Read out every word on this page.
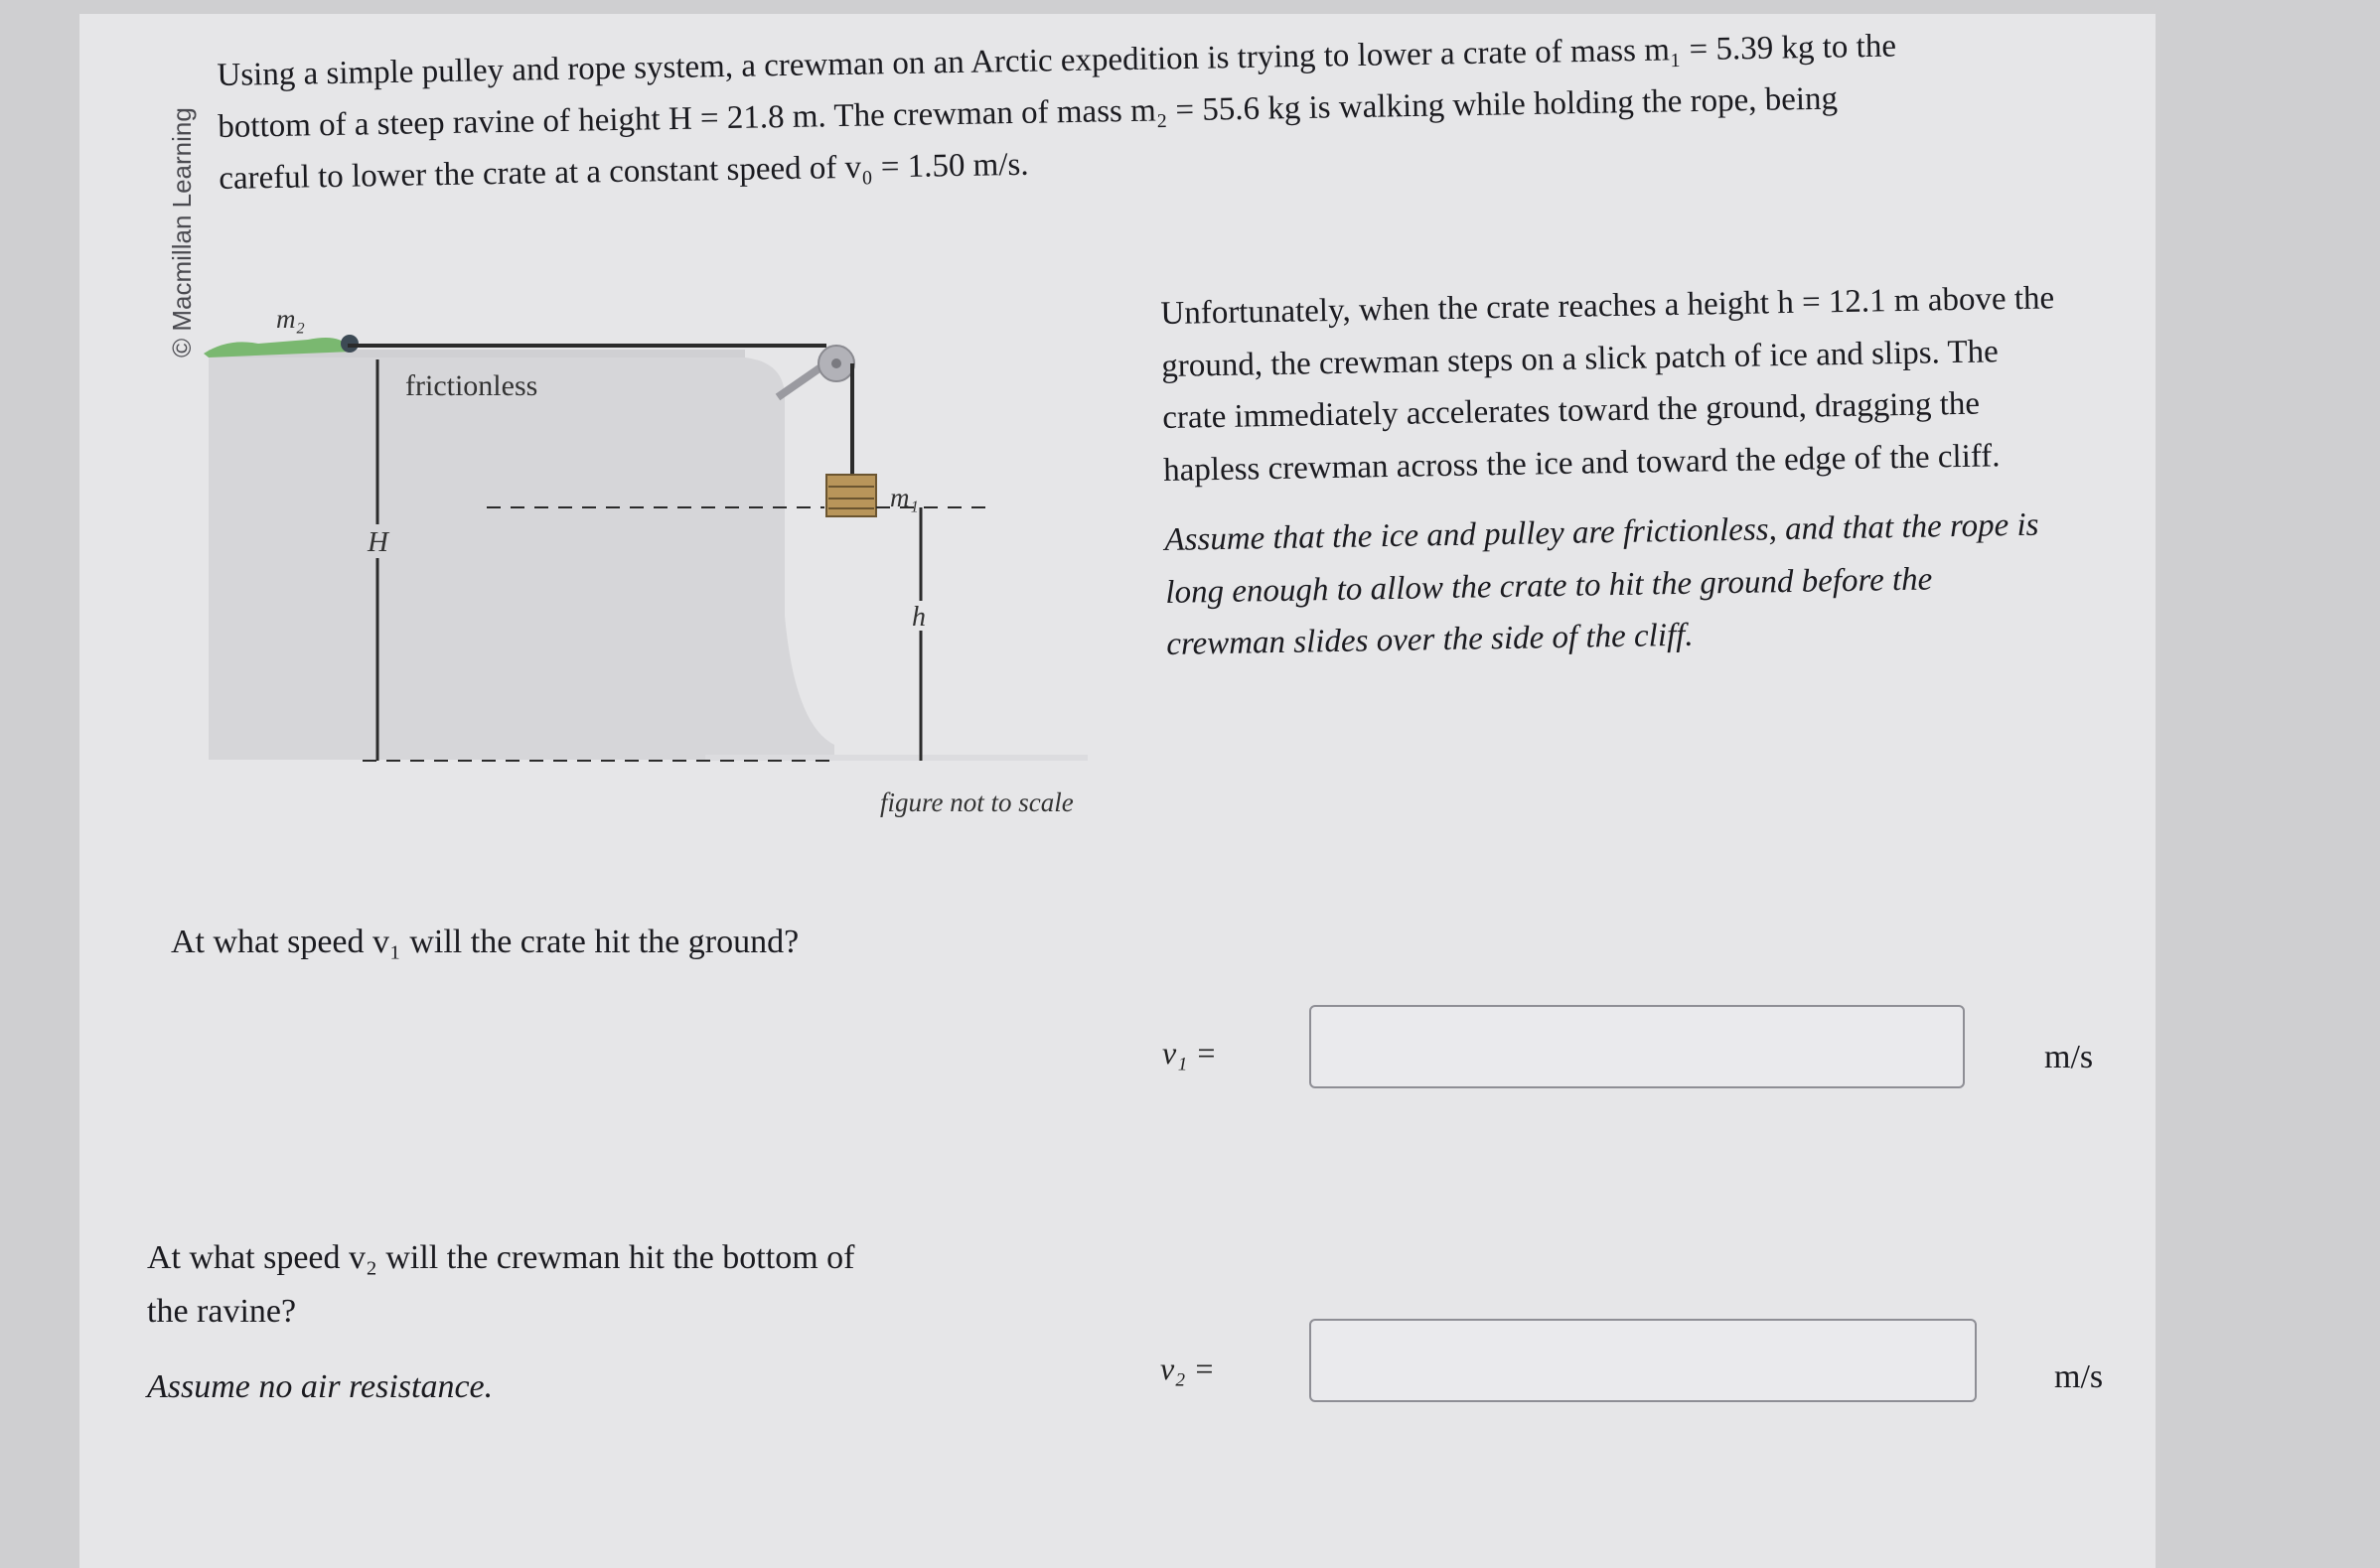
© Macmillan Learning

Using a simple pulley and rope system, a crewman on an Arctic expedition is trying to lower a crate of mass m₁ = 5.39 kg to the

bottom of a steep ravine of height H = 21.8 m. The crewman of mass m₂ = 55.6 kg is walking while holding the rope, being

careful to lower the crate at a constant speed of v₀ = 1.50 m/s.

m₂
frictionless
m₁
H
h
figure not to scale

Unfortunately, when the crate reaches a height h = 12.1 m above the ground, the crewman steps on a slick patch of ice and slips. The crate immediately accelerates toward the ground, dragging the hapless crewman across the ice and toward the edge of the cliff.

Assume that the ice and pulley are frictionless, and that the rope is long enough to allow the crate to hit the ground before the crewman slides over the side of the cliff.

At what speed v₁ will the crate hit the ground?
v₁ =	m/s

At what speed v₂ will the crewman hit the bottom of

the ravine?

Assume no air resistance.	v₂ =	m/s
